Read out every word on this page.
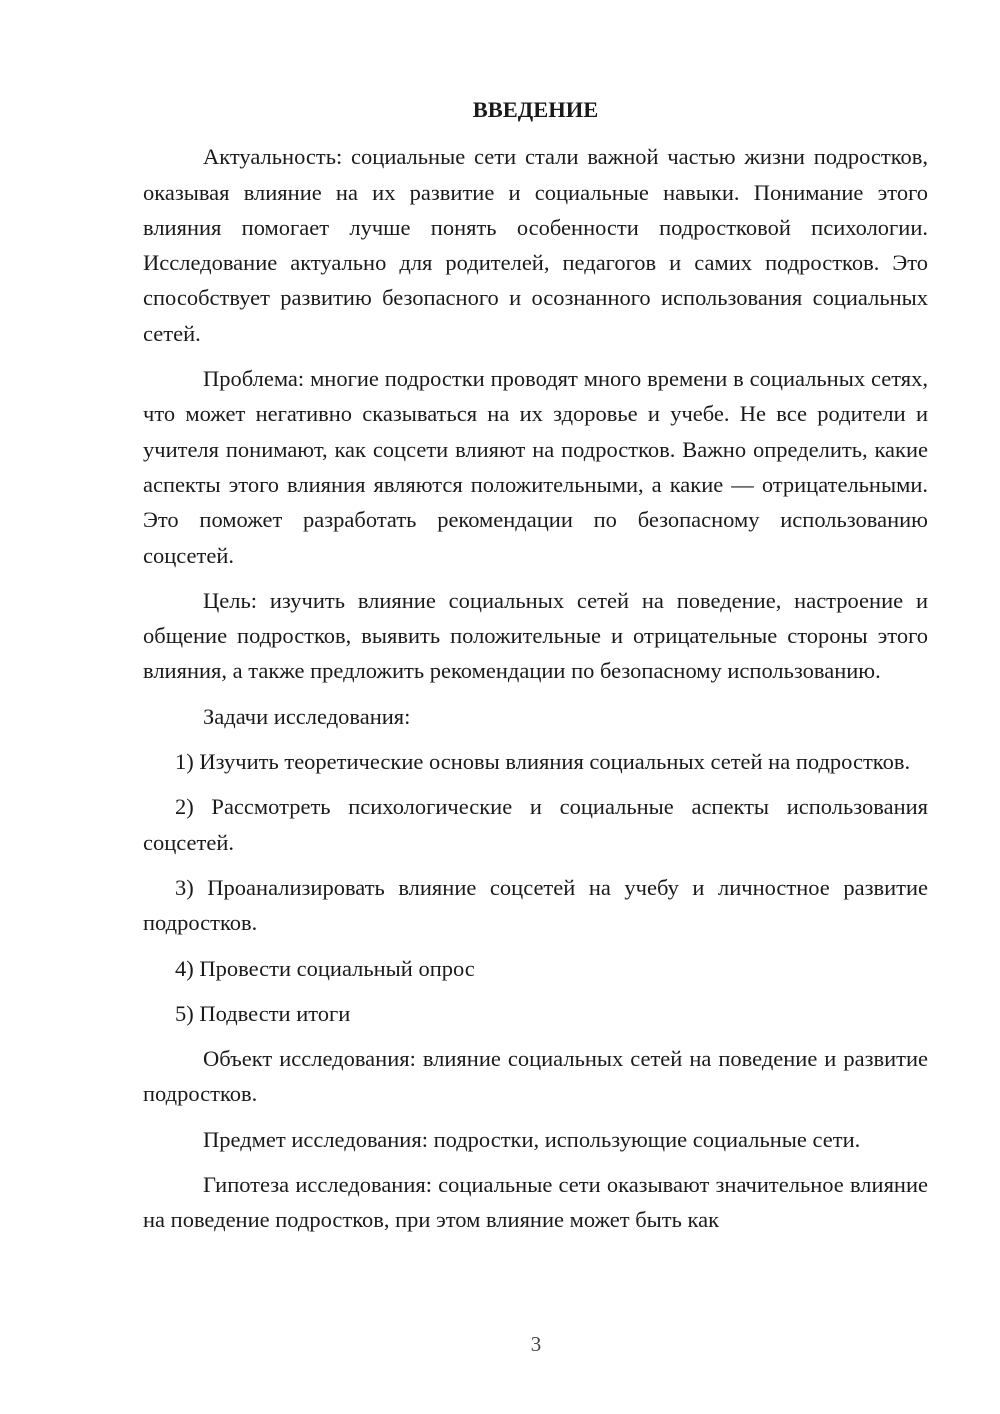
ВВЕДЕНИЕ

Актуальность: социальные сети стали важной частью жизни подростков, оказывая влияние на их развитие и социальные навыки. Понимание этого влияния помогает лучше понять особенности подростковой психологии. Исследование актуально для родителей, педагогов и самих подростков. Это способствует развитию безопасного и осознанного использования социальных сетей.

Проблема: многие подростки проводят много времени в социальных сетях, что может негативно сказываться на их здоровье и учебе. Не все родители и учителя понимают, как соцсети влияют на подростков. Важно определить, какие аспекты этого влияния являются положительными, а какие — отрицательными. Это поможет разработать рекомендации по безопасному использованию соцсетей.

Цель: изучить влияние социальных сетей на поведение, настроение и общение подростков, выявить положительные и отрицательные стороны этого влияния, а также предложить рекомендации по безопасному использованию.

Задачи исследования:

1) Изучить теоретические основы влияния социальных сетей на подростков.

2) Рассмотреть психологические и социальные аспекты использования соцсетей.

3) Проанализировать влияние соцсетей на учебу и личностное развитие подростков.

4) Провести социальный опрос

5) Подвести итоги

Объект исследования: влияние социальных сетей на поведение и развитие подростков.

Предмет исследования: подростки, использующие социальные сети.

Гипотеза исследования: социальные сети оказывают значительное влияние на поведение подростков, при этом влияние может быть как

3
